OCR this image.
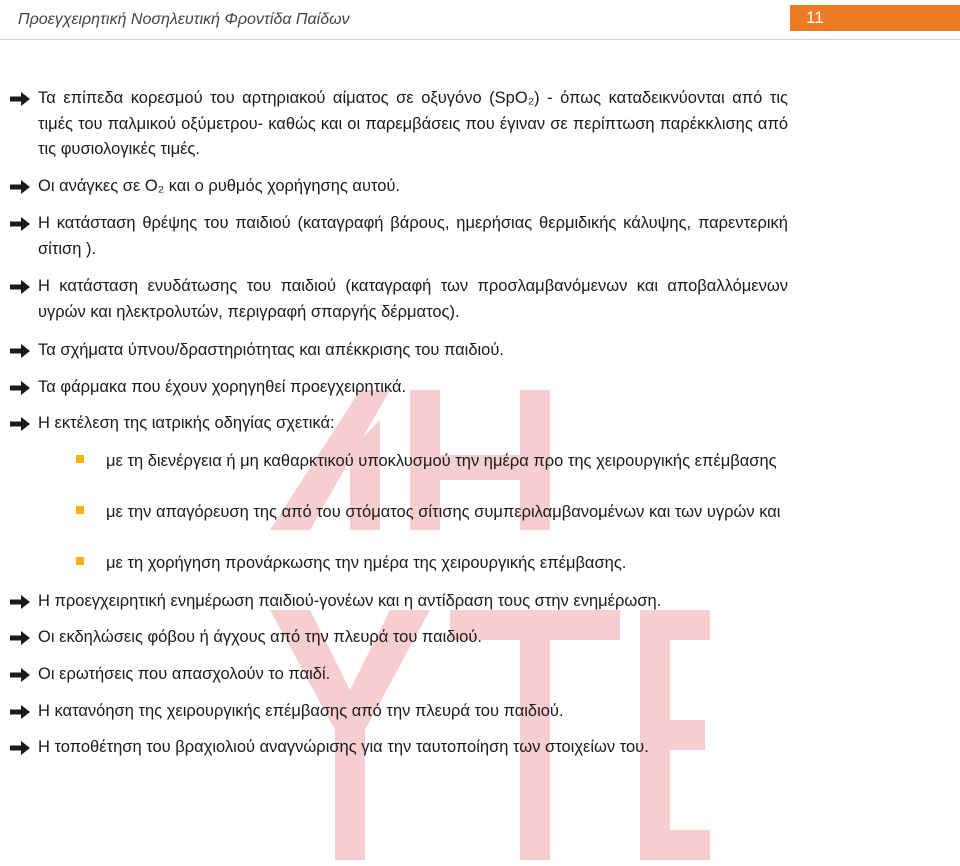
Προεγχειρητική Νοσηλευτική Φροντίδα Παίδων	11
Τα επίπεδα κορεσμού του αρτηριακού αίματος σε οξυγόνο (SpO₂) - όπως καταδεικνύονται από τις τιμές του παλμικού οξύμετρου- καθώς και οι παρεμβάσεις που έγιναν σε περίπτωση παρέκκλισης από τις φυσιολογικές τιμές.
Οι ανάγκες σε O₂ και ο ρυθμός χορήγησης αυτού.
Η κατάσταση θρέψης του παιδιού (καταγραφή βάρους, ημερήσιας θερμιδικής κάλυψης, παρεντερική σίτιση ).
Η κατάσταση ενυδάτωσης του παιδιού (καταγραφή των προσλαμβανόμενων και αποβαλλόμενων υγρών και ηλεκτρολυτών, περιγραφή σπαργής δέρματος).
Τα σχήματα ύπνου/δραστηριότητας και απέκκρισης του παιδιού.
Τα φάρμακα που έχουν χορηγηθεί προεγχειρητικά.
Η εκτέλεση της ιατρικής οδηγίας σχετικά:
με τη διενέργεια ή μη καθαρκτικού υποκλυσμού την ημέρα προ της χειρουργικής επέμβασης
με την απαγόρευση της από του στόματος σίτισης συμπεριλαμβανομένων και των υγρών και
με τη χορήγηση προνάρκωσης την ημέρα της χειρουργικής επέμβασης.
Η προεγχειρητική ενημέρωση παιδιού-γονέων και η αντίδραση τους στην ενημέρωση.
Οι εκδηλώσεις φόβου ή άγχους από την πλευρά του παιδιού.
Οι ερωτήσεις που απασχολούν το παιδί.
Η κατανόηση της χειρουργικής επέμβασης από την πλευρά του παιδιού.
Η τοποθέτηση του βραχιολιού αναγνώρισης για την ταυτοποίηση των στοιχείων του.
